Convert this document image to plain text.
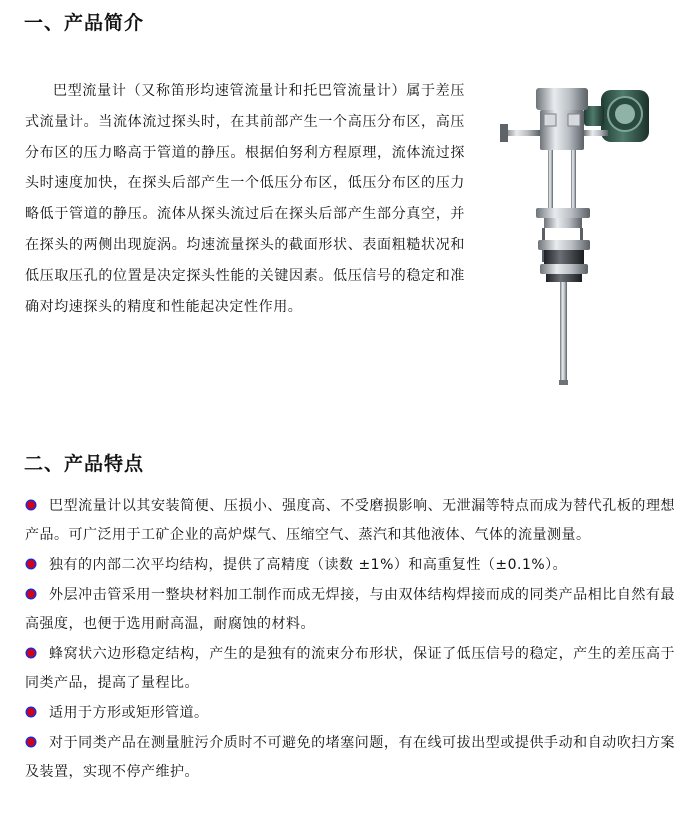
一、产品简介

巴型流量计（又称笛形均速管流量计和托巴管流量计）属于差压式流量计。当流体流过探头时，在其前部产生一个高压分布区，高压分布区的压力略高于管道的静压。根据伯努利方程原理，流体流过探头时速度加快，在探头后部产生一个低压分布区，低压分布区的压力略低于管道的静压。流体从探头流过后在探头后部产生部分真空，并在探头的两侧出现旋涡。均速流量探头的截面形状、表面粗糙状况和低压取压孔的位置是决定探头性能的关键因素。低压信号的稳定和准确对均速探头的精度和性能起决定性作用。

二、产品特点

巴型流量计以其安装简便、压损小、强度高、不受磨损影响、无泄漏等特点而成为替代孔板的理想产品。可广泛用于工矿企业的高炉煤气、压缩空气、蒸汽和其他液体、气体的流量测量。

独有的内部二次平均结构，提供了高精度（读数 ±1%）和高重复性（±0.1%）。

外层冲击管采用一整块材料加工制作而成无焊接，与由双体结构焊接而成的同类产品相比自然有最高强度，也便于选用耐高温，耐腐蚀的材料。

蜂窝状六边形稳定结构，产生的是独有的流束分布形状，保证了低压信号的稳定，产生的差压高于同类产品，提高了量程比。

适用于方形或矩形管道。

对于同类产品在测量脏污介质时不可避免的堵塞问题，有在线可拔出型或提供手动和自动吹扫方案及装置，实现不停产维护。
